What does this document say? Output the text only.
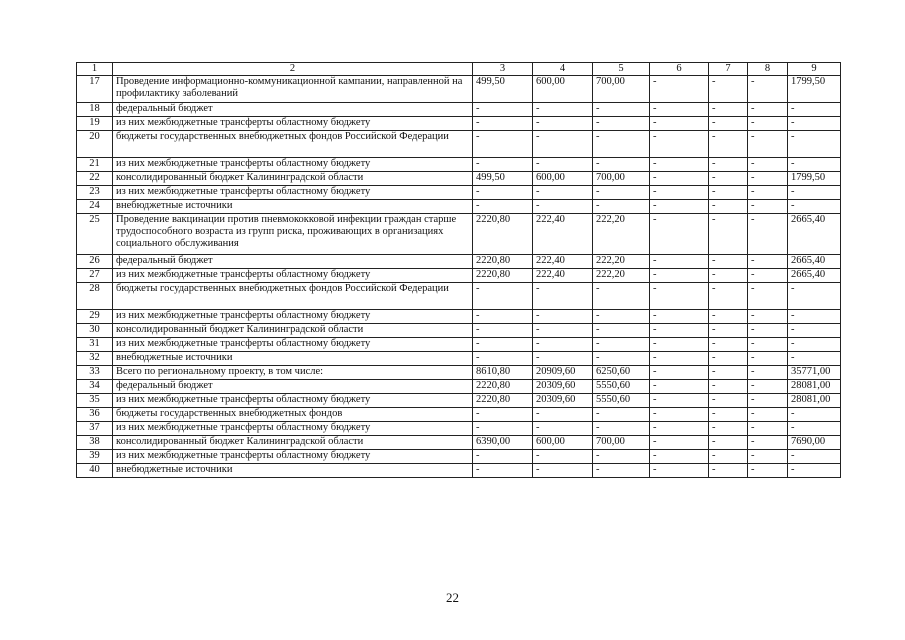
1	2	3	4	5	6	7	8	9
17	Проведение информационно-коммуникационной кампании, направленной на профилактику заболеваний	499,50	600,00	700,00	-	-	-	1799,50
18	федеральный бюджет	-	-	-	-	-	-	-
19	из них межбюджетные трансферты областному бюджету	-	-	-	-	-	-	-
20	бюджеты государственных внебюджетных фондов Российской Федерации	-	-	-	-	-	-	-
21	из них межбюджетные трансферты областному бюджету	-	-	-	-	-	-	-
22	консолидированный бюджет Калининградской области	499,50	600,00	700,00	-	-	-	1799,50
23	из них межбюджетные трансферты областному бюджету	-	-	-	-	-	-	-
24	внебюджетные источники	-	-	-	-	-	-	-
25	Проведение вакцинации против пневмококковой инфекции граждан старше трудоспособного возраста из групп риска, проживающих в организациях социального обслуживания	2220,80	222,40	222,20	-	-	-	2665,40
26	федеральный бюджет	2220,80	222,40	222,20	-	-	-	2665,40
27	из них межбюджетные трансферты областному бюджету	2220,80	222,40	222,20	-	-	-	2665,40
28	бюджеты государственных внебюджетных фондов Российской Федерации	-	-	-	-	-	-	-
29	из них межбюджетные трансферты областному бюджету	-	-	-	-	-	-	-
30	консолидированный бюджет Калининградской области	-	-	-	-	-	-	-
31	из них межбюджетные трансферты областному бюджету	-	-	-	-	-	-	-
32	внебюджетные источники	-	-	-	-	-	-	-
33	Всего по региональному проекту, в том числе:	8610,80	20909,60	6250,60	-	-	-	35771,00
34	федеральный бюджет	2220,80	20309,60	5550,60	-	-	-	28081,00
35	из них межбюджетные трансферты областному бюджету	2220,80	20309,60	5550,60	-	-	-	28081,00
36	бюджеты государственных внебюджетных фондов	-	-	-	-	-	-	-
37	из них межбюджетные трансферты областному бюджету	-	-	-	-	-	-	-
38	консолидированный бюджет Калининградской области	6390,00	600,00	700,00	-	-	-	7690,00
39	из них межбюджетные трансферты областному бюджету	-	-	-	-	-	-	-
40	внебюджетные источники	-	-	-	-	-	-	-
22
